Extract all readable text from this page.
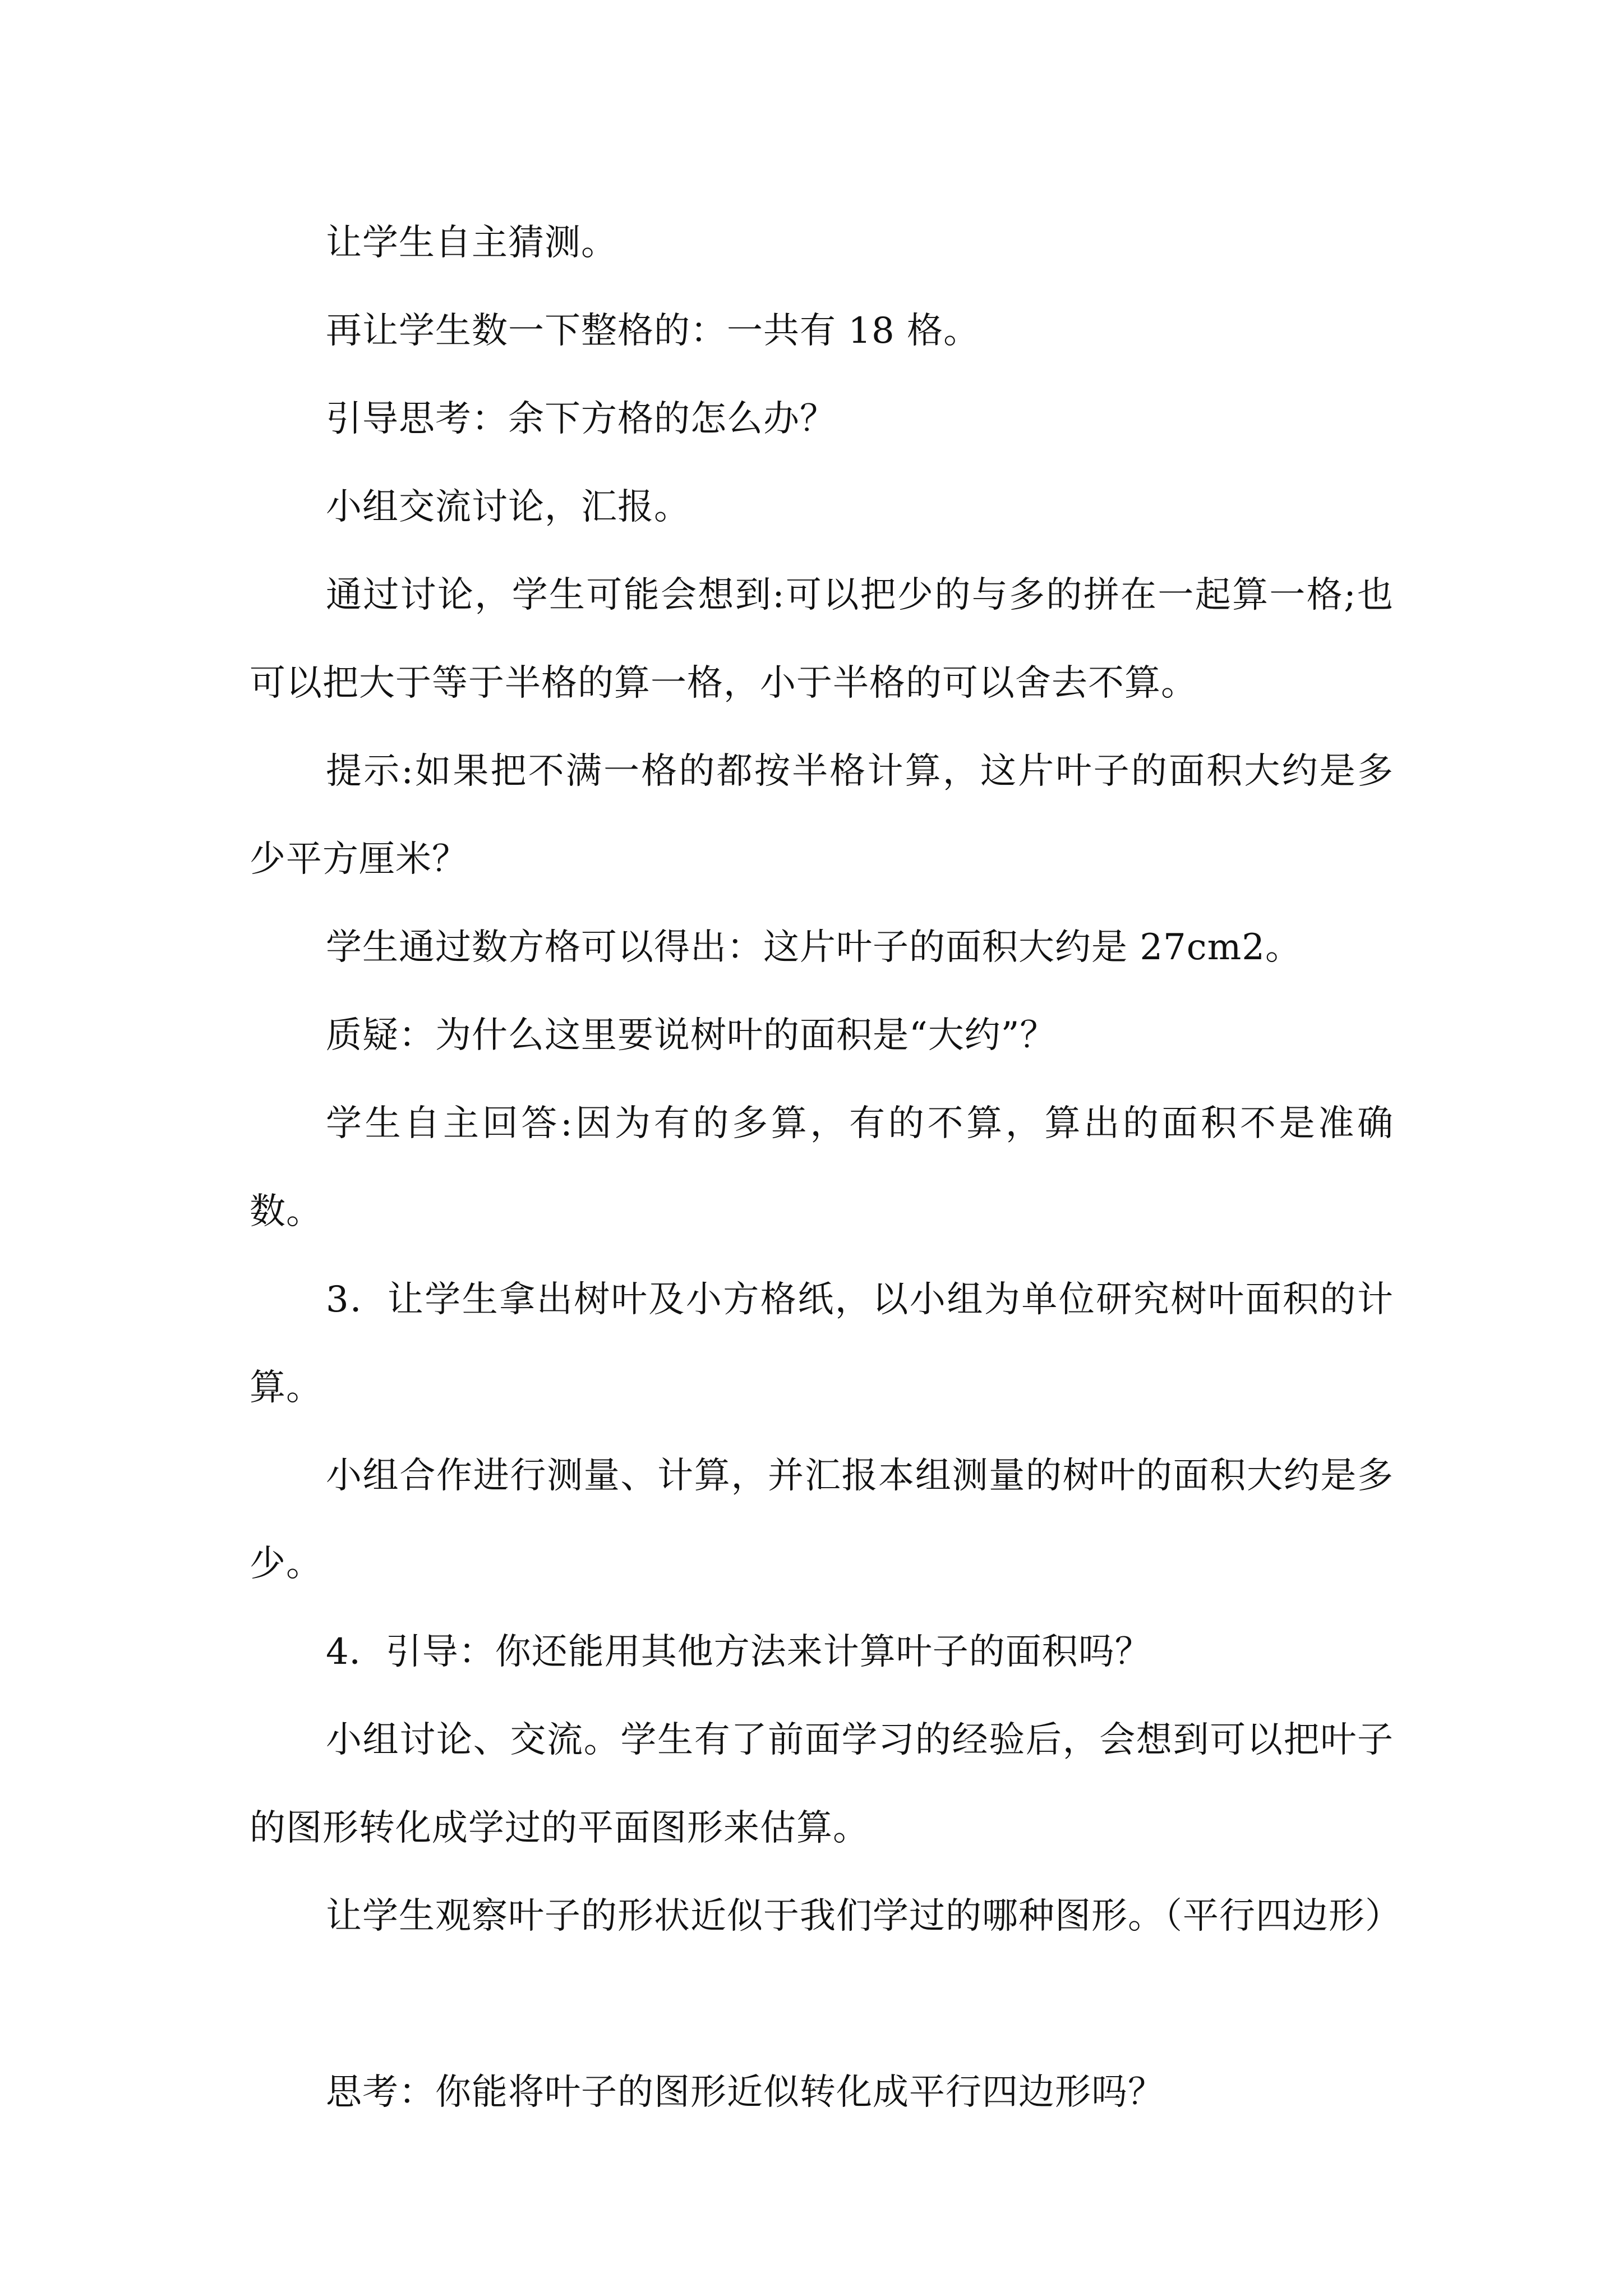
让学生自主猜测。

再让学生数一下整格的：一共有 18 格。

引导思考：余下方格的怎么办？

小组交流讨论，汇报。

通过讨论，学生可能会想到:可以把少的与多的拼在一起算一格;也可以把大于等于半格的算一格，小于半格的可以舍去不算。

提示:如果把不满一格的都按半格计算，这片叶子的面积大约是多少平方厘米？

学生通过数方格可以得出：这片叶子的面积大约是 27cm2。

质疑：为什么这里要说树叶的面积是“大约”？

学生自主回答:因为有的多算，有的不算，算出的面积不是准确数。

3．让学生拿出树叶及小方格纸，以小组为单位研究树叶面积的计算。

小组合作进行测量、计算，并汇报本组测量的树叶的面积大约是多少。

4．引导：你还能用其他方法来计算叶子的面积吗？

小组讨论、交流。学生有了前面学习的经验后，会想到可以把叶子的图形转化成学过的平面图形来估算。

让学生观察叶子的形状近似于我们学过的哪种图形。（平行四边形）

思考：你能将叶子的图形近似转化成平行四边形吗？
